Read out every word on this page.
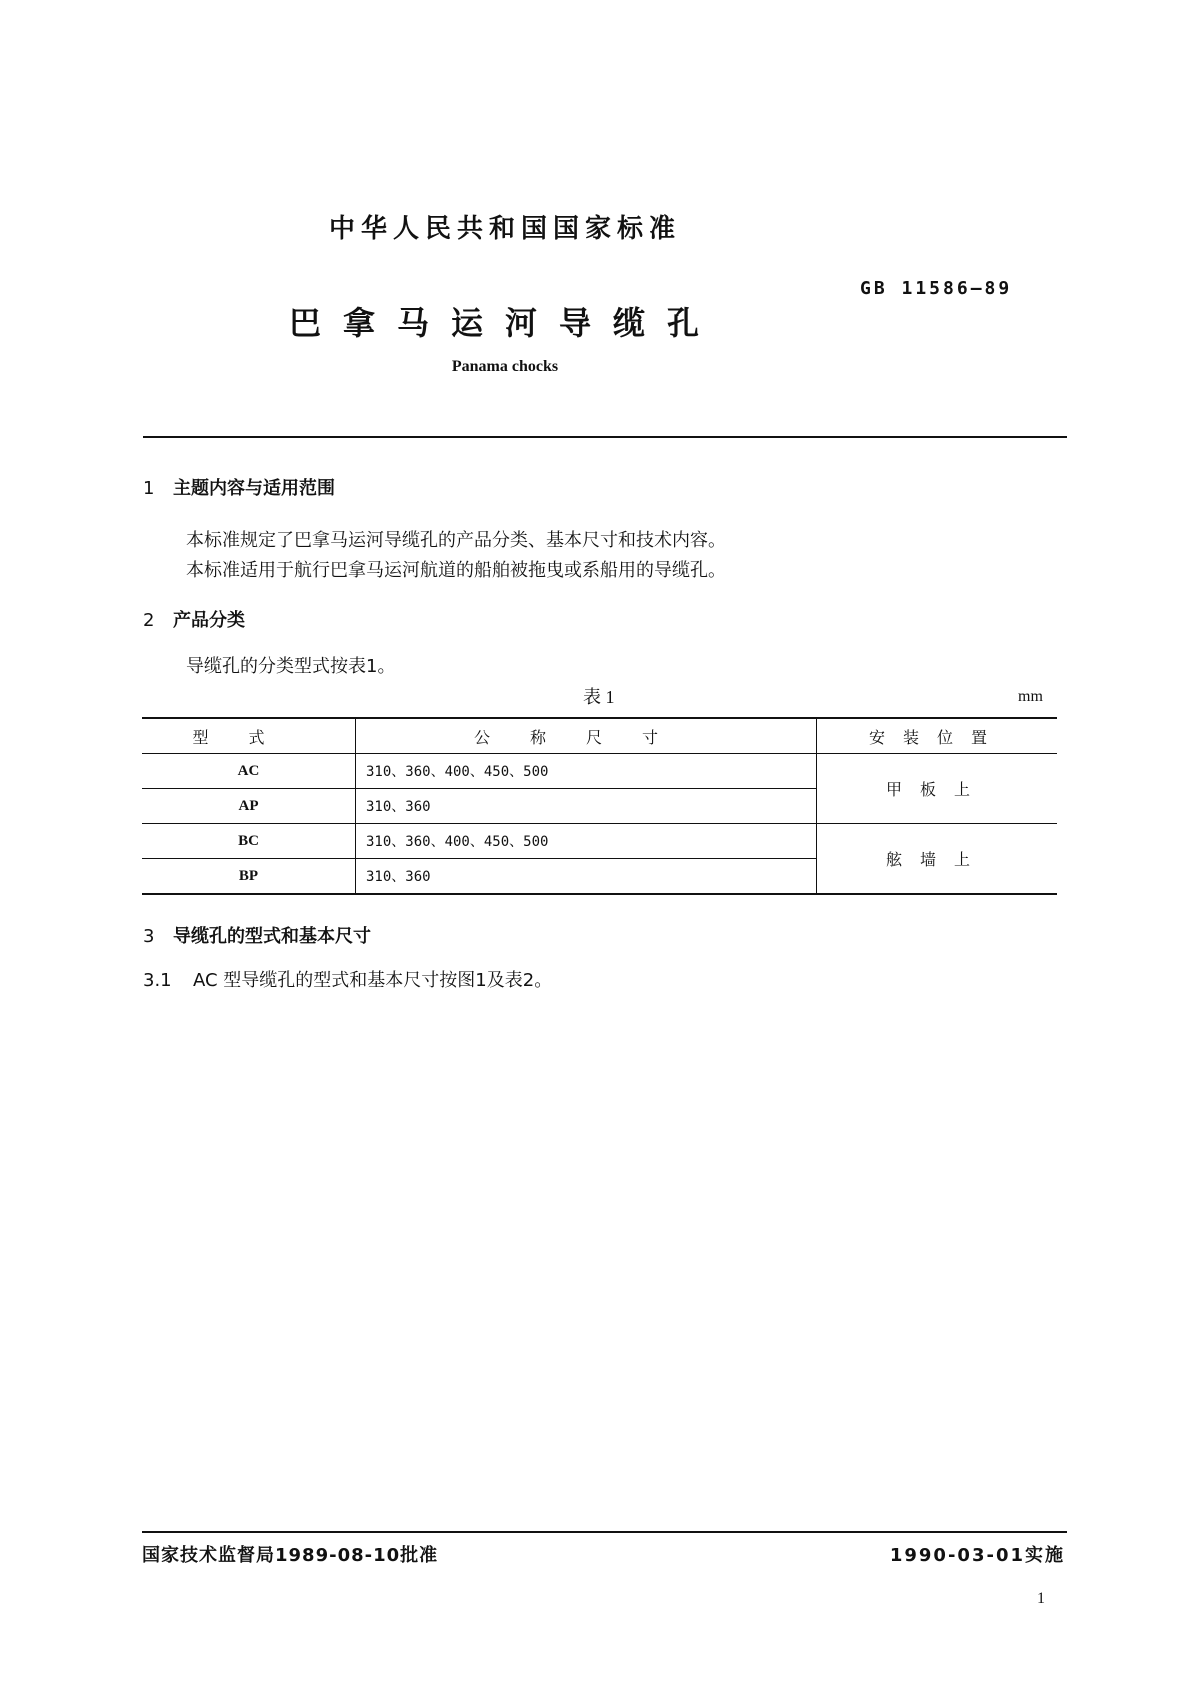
中华人民共和国国家标准
GB 11586—89
巴拿马运河导缆孔
Panama chocks
1 主题内容与适用范围
本标准规定了巴拿马运河导缆孔的产品分类、基本尺寸和技术内容。
本标准适用于航行巴拿马运河航道的船舶被拖曳或系船用的导缆孔。
2 产品分类
导缆孔的分类型式按表1。
表 1	mm
型式	公称尺寸	安装位置
AC	310、360、400、450、500	甲板上
AP	310、360	
BC	310、360、400、450、500	舷墙上
BP	310、360	
3 导缆孔的型式和基本尺寸
3.1 AC 型导缆孔的型式和基本尺寸按图1及表2。
国家技术监督局1989-08-10批准	1990-03-01实施
1
